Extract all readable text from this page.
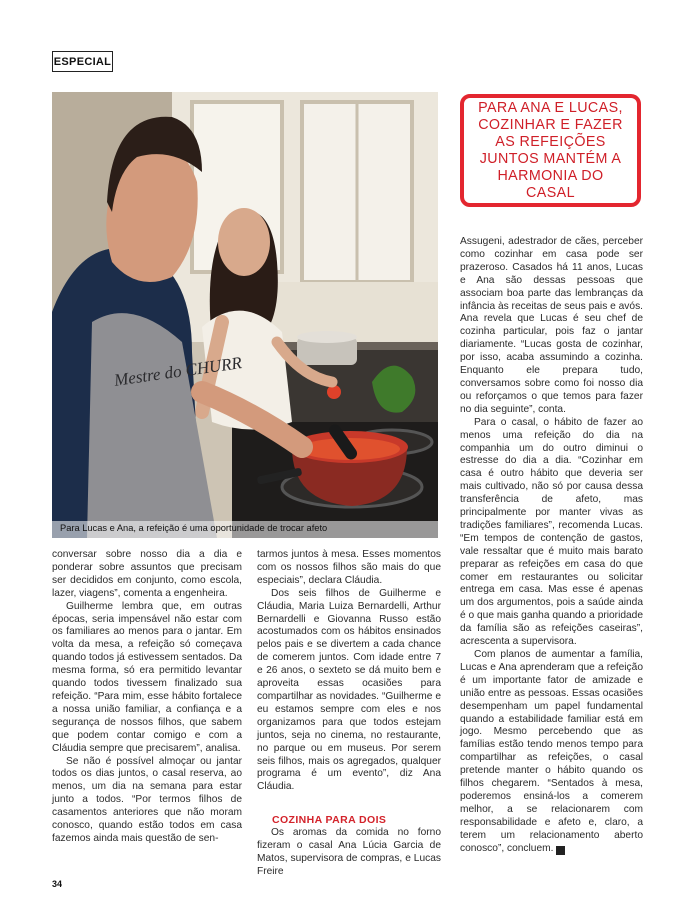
ESPECIAL
Mestre do CHURR
Para Lucas e Ana, a refeição é uma oportunidade de trocar afeto
PARA ANA E LUCAS, COZINHAR E FAZER AS REFEIÇÕES JUNTOS MANTÉM A HARMONIA DO CASAL

conversar sobre nosso dia a dia e ponderar sobre assuntos que precisam ser decididos em conjunto, como escola, lazer, viagens”, comenta a engenheira.

Guilherme lembra que, em outras épocas, seria impensável não estar com os familiares ao menos para o jantar. Em volta da mesa, a refeição só começava quando todos já estivessem sentados. Da mesma forma, só era permitido levantar quando todos tivessem finalizado sua refeição. “Para mim, esse hábito fortalece a nossa união familiar, a confiança e a segurança de nossos filhos, que sabem que podem contar comigo e com a Cláudia sempre que precisarem”, analisa.

Se não é possível almoçar ou jantar todos os dias juntos, o casal reserva, ao menos, um dia na semana para estar junto a todos. “Por termos filhos de casamentos anteriores que não moram conosco, quando estão todos em casa fazemos ainda mais questão de sen-

tarmos juntos à mesa. Esses momentos com os nossos filhos são mais do que especiais”, declara Cláudia.

Dos seis filhos de Guilherme e Cláudia, Maria Luiza Bernardelli, Arthur Bernardelli e Giovanna Russo estão acostumados com os hábitos ensinados pelos pais e se divertem a cada chance de comerem juntos. Com idade entre 7 e 26 anos, o sexteto se dá muito bem e aproveita essas ocasiões para compartilhar as novidades. “Guilherme e eu estamos sempre com eles e nos organizamos para que todos estejam juntos, seja no cinema, no restaurante, no parque ou em museus. Por serem seis filhos, mais os agregados, qualquer programa é um evento”, diz Ana Cláudia.

COZINHA PARA DOIS

Os aromas da comida no forno fizeram o casal Ana Lúcia Garcia de Matos, supervisora de compras, e Lucas Freire

Assugeni, adestrador de cães, perceber como cozinhar em casa pode ser prazeroso. Casados há 11 anos, Lucas e Ana são dessas pessoas que associam boa parte das lembranças da infância às receitas de seus pais e avós. Ana revela que Lucas é seu chef de cozinha particular, pois faz o jantar diariamente. “Lucas gosta de cozinhar, por isso, acaba assumindo a cozinha. Enquanto ele prepara tudo, conversamos sobre como foi nosso dia ou reforçamos o que temos para fazer no dia seguinte”, conta.

Para o casal, o hábito de fazer ao menos uma refeição do dia na companhia um do outro diminui o estresse do dia a dia. “Cozinhar em casa é outro hábito que deveria ser mais cultivado, não só por causa dessa transferência de afeto, mas principalmente por manter vivas as tradições familiares”, recomenda Lucas. “Em tempos de contenção de gastos, vale ressaltar que é muito mais barato preparar as refeições em casa do que comer em restaurantes ou solicitar entrega em casa. Mas esse é apenas um dos argumentos, pois a saúde ainda é o que mais ganha quando a prioridade da família são as refeições caseiras”, acrescenta a supervisora.

Com planos de aumentar a família, Lucas e Ana aprenderam que a refeição é um importante fator de amizade e união entre as pessoas. Essas ocasiões desempenham um papel fundamental quando a estabilidade familiar está em jogo. Mesmo percebendo que as famílias estão tendo menos tempo para compartilhar as refeições, o casal pretende manter o hábito quando os filhos chegarem. “Sentados à mesa, poderemos ensiná-los a comerem melhor, a se relacionarem com responsabilidade e afeto e, claro, a terem um relacionamento aberto conosco”, concluem. T

34
